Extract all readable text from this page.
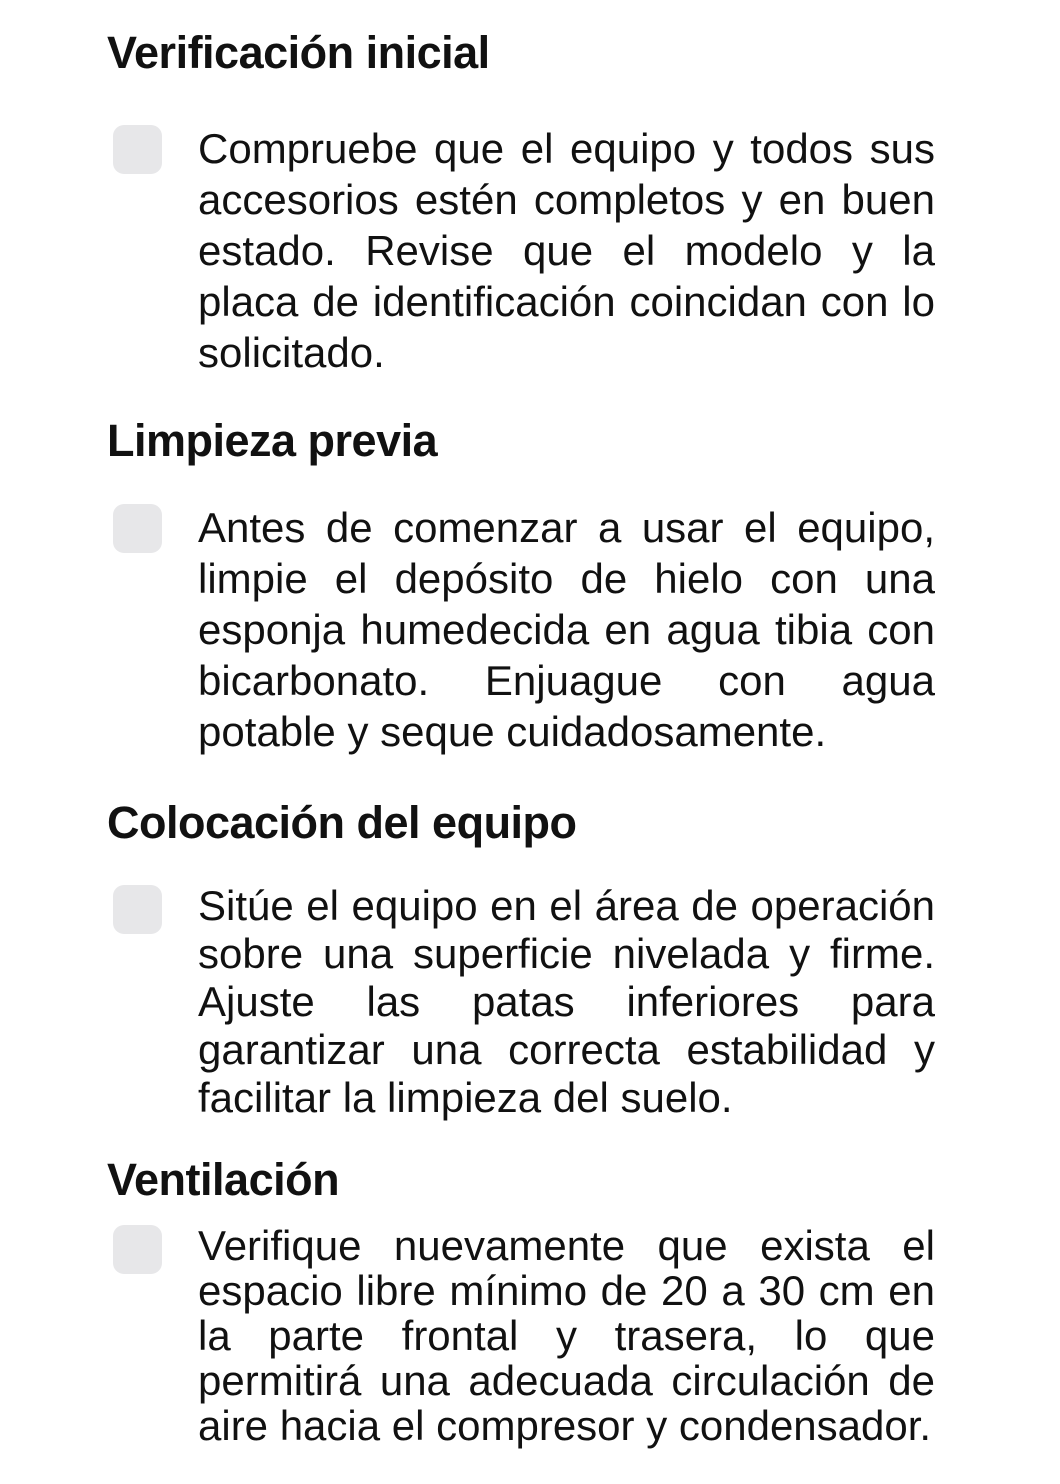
Verificación inicial

Compruebe que el equipo y todos sus accesorios estén completos y en buen estado. Revise que el modelo y la placa de identificación coincidan con lo solicitado.

Limpieza previa

Antes de comenzar a usar el equipo, limpie el depósito de hielo con una esponja humedecida en agua tibia con bicarbonato. Enjuague con agua potable y seque cuidadosamente.

Colocación del equipo

Sitúe el equipo en el área de operación sobre una superficie nivelada y firme. Ajuste las patas inferiores para garantizar una correcta estabilidad y facilitar la limpieza del suelo.

Ventilación

Verifique nuevamente que exista el espacio libre mínimo de 20 a 30 cm en la parte frontal y trasera, lo que permitirá una adecuada circulación de aire hacia el compresor y condensador.
